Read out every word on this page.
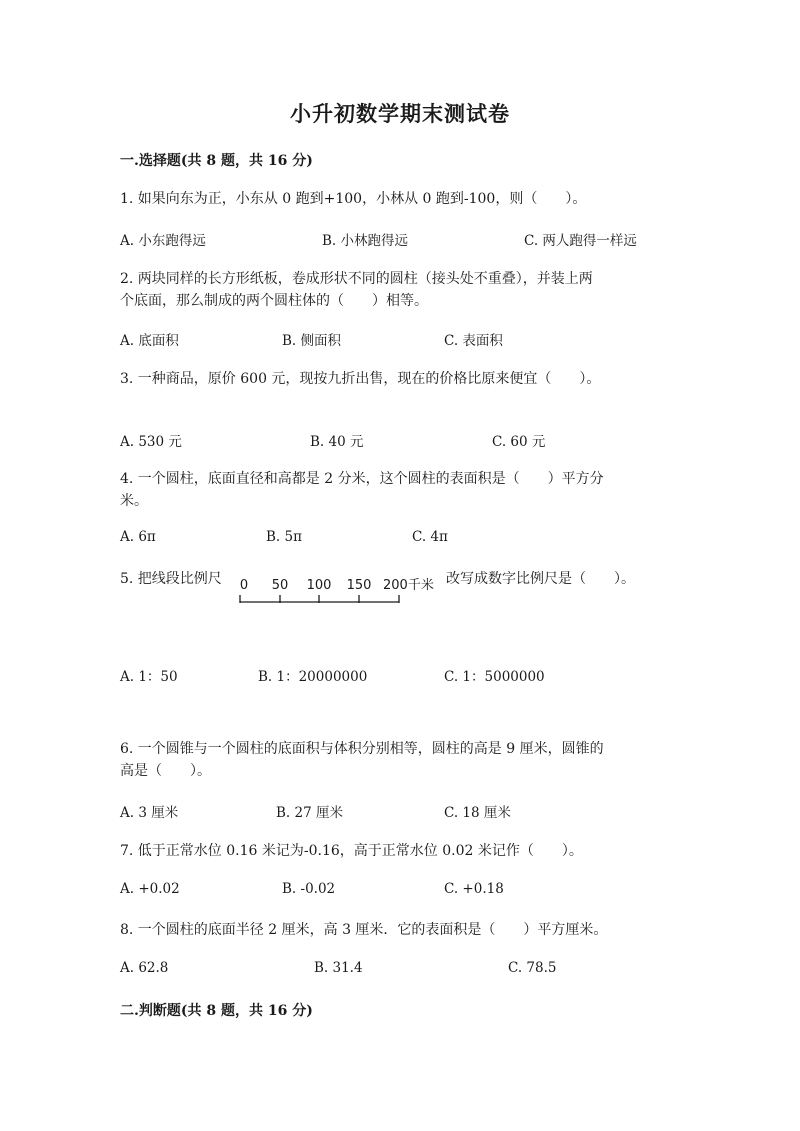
小升初数学期末测试卷
一.选择题(共 8 题，共 16 分)
1. 如果向东为正，小东从 0 跑到+100，小林从 0 跑到-100，则（　　）。
A. 小东跑得远	B. 小林跑得远	C. 两人跑得一样远
2. 两块同样的长方形纸板，卷成形状不同的圆柱（接头处不重叠），并装上两
个底面，那么制成的两个圆柱体的（　　）相等。
A. 底面积	B. 侧面积	C. 表面积
3. 一种商品，原价 600 元，现按九折出售，现在的价格比原来便宜（　　）。
A. 530 元	B. 40 元	C. 60 元
4. 一个圆柱，底面直径和高都是 2 分米，这个圆柱的表面积是（　　）平方分
米。
A. 6π	B. 5π	C. 4π
5. 把线段比例尺 0 50 100 150 200千米 改写成数字比例尺是（　　）。
A. 1：50	B. 1：20000000	C. 1：5000000
6. 一个圆锥与一个圆柱的底面积与体积分别相等，圆柱的高是 9 厘米，圆锥的
高是（　　）。
A. 3 厘米	B. 27 厘米	C. 18 厘米
7. 低于正常水位 0.16 米记为-0.16，高于正常水位 0.02 米记作（　　）。
A. +0.02	B. -0.02	C. +0.18
8. 一个圆柱的底面半径 2 厘米，高 3 厘米．它的表面积是（　　）平方厘米。
A. 62.8	B. 31.4	C. 78.5
二.判断题(共 8 题，共 16 分)
